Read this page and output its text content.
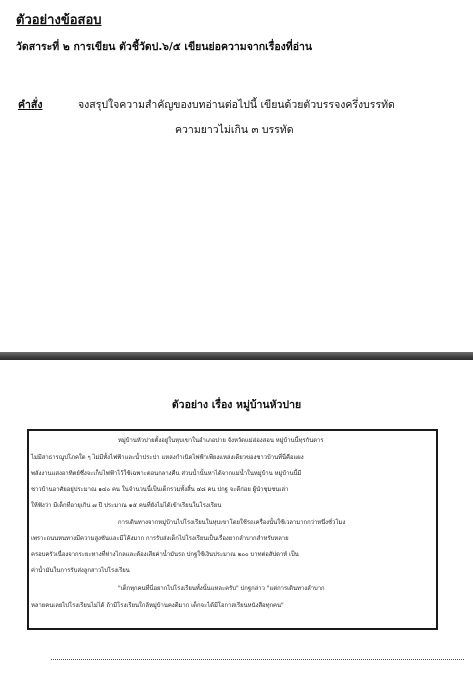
ตัวอย่างข้อสอบ
วัดสาระที่ ๒ การเขียน ตัวชี้วัดป.๖/๕ เขียนย่อความจากเรื่องที่อ่าน
คำสั่ง	จงสรุปใจความสำคัญของบทอ่านต่อไปนี้ เขียนด้วยตัวบรรจงครึ่งบรรทัด
ความยาวไม่เกิน ๓ บรรทัด
ตัวอย่าง เรื่อง หมู่บ้านหัวปาย
หมู่บ้านหัวปายตั้งอยู่ในหุบเขาในอำเภอปาย จังหวัดแม่ฮ่องสอน หมู่บ้านนี้ทุรกันดาร
ไม่มีสาธารณูปโภคใด ๆ ไม่มีทั้งไฟฟ้าและน้ำประปา แหล่งกำเนิดไฟฟ้าเพียงแหล่งเดียวของชาวบ้านที่นี่คือแผง
พลังงานแสงอาทิตย์ซึ่งจะเก็บไฟฟ้าไว้ใช้เฉพาะตอนกลางคืน ส่วนน้ำนั้นหาได้จากแม่น้ำในหมู่บ้าน หมู่บ้านนี้มี
ชาวบ้านอาศัยอยู่ประมาณ ๑๔๐ คน ในจำนวนนี้เป็นเด็กรวมทั้งสิ้น ๔๘ คน ปกฐ จะดีก่อย ผู้นำชุมชนเล่า
ให้ฟังว่า มีเด็กที่อายุเกิน ๗ ปี ประมาณ ๑๕ คนที่ยังไม่ได้เข้าเรียนในโรงเรียน
การเดินทางจากหมู่บ้านไปโรงเรียนในหุบเขาโดยใช้รถเครื่องนั้นใช้เวลามากกว่าหนึ่งชั่วโมง
เพราะถนนหนทางมีความสูงชันและมีโค้งมาก การรับส่งเด็กไปโรงเรียนเป็นเรื่องยากลำบากสำหรับหลาย
ครอบครัวเนื่องจากระยะทางที่ห่างไกลและต้องเสียค่าน้ำมันรถ ปกฐใช้เงินประมาณ ๒๐๐ บาทต่อสัปดาห์ เป็น
ค่าน้ำมันในการรับส่งลูกสาวไปโรงเรียน
"เด็กทุกคนที่นี่อยากไปโรงเรียนทั้งนั้นแหละครับ" ปกฐกล่าว "แต่การเดินทางลำบาก
หลายคนเลยไปโรงเรียนไม่ได้ ถ้ามีโรงเรียนใกล้หมู่บ้านคงดีมาก เด็กจะได้มีโอกาสเรียนหนังสือทุกคน"
